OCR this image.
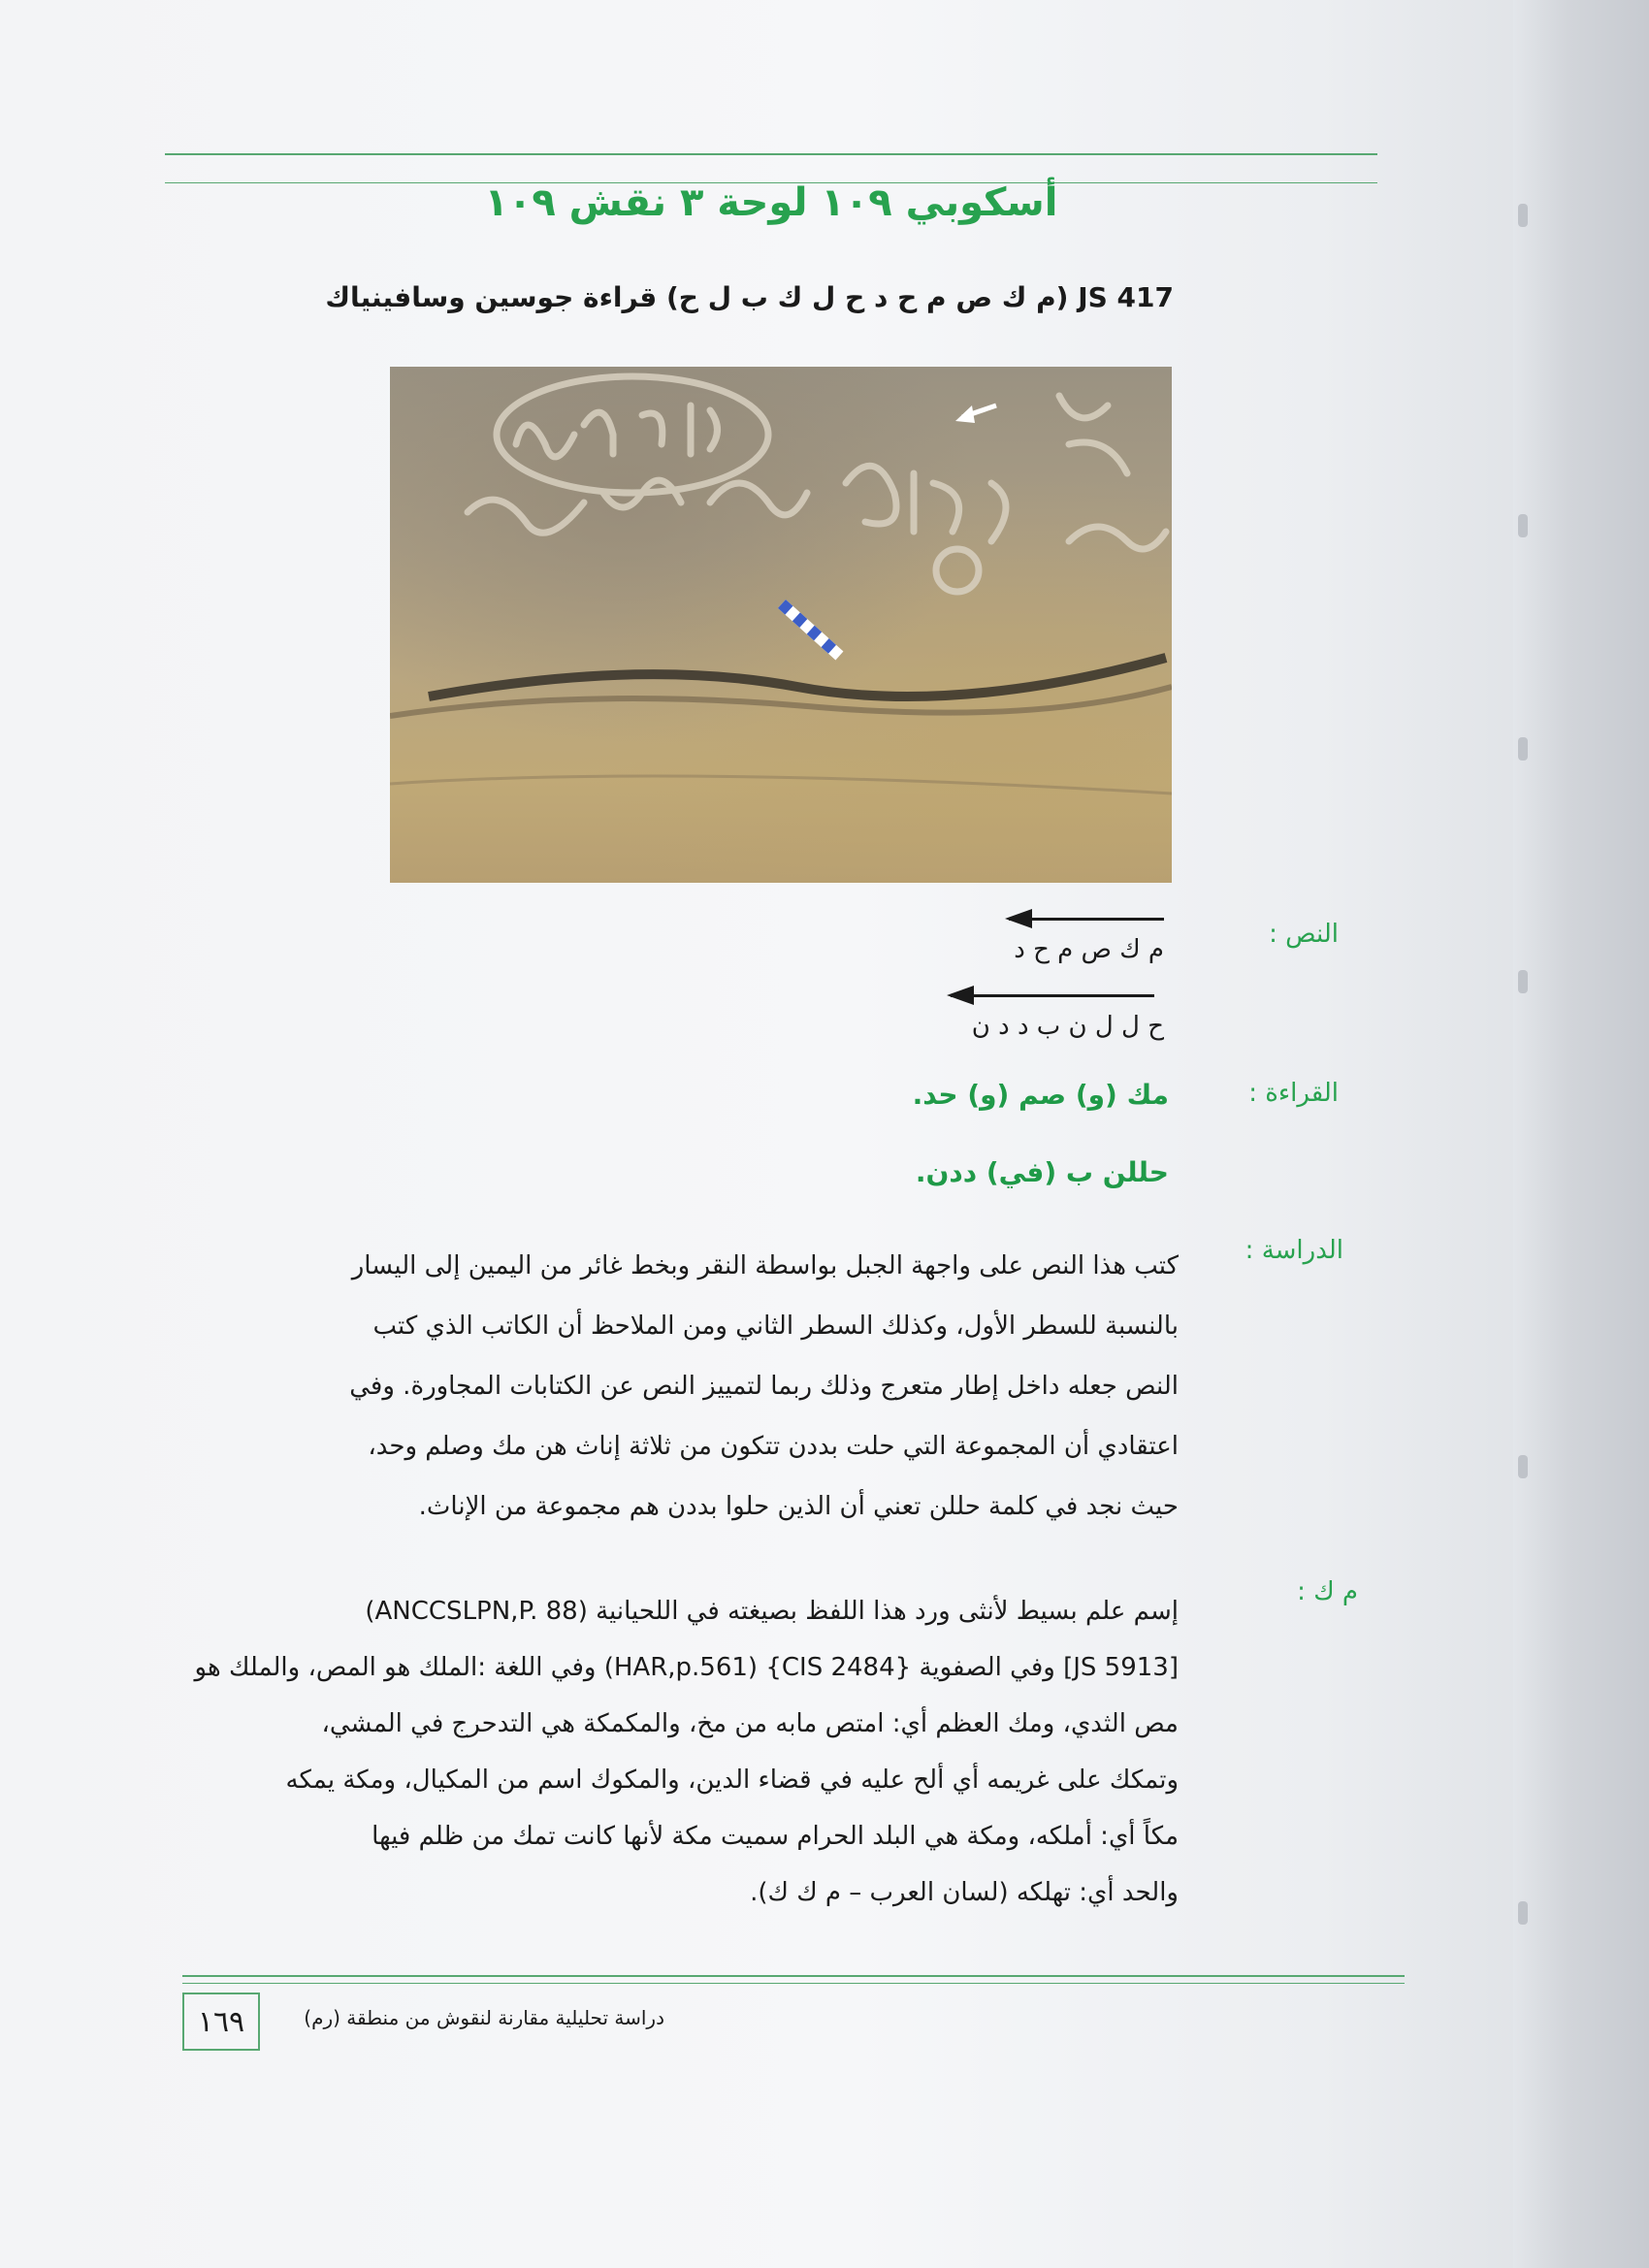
أسكوبي ١٠٩ لوحة ٣ نقش ١٠٩
JS 417 (م ك ص م ح د ح ل ك ب ل ح) قراءة جوسين وسافينياك
النص :
م ك ص م ح د
ح ل ل ن ب د د ن
القراءة :
مك (و) صم (و) حد.
حللن ب (في) ددن.
الدراسة :
كتب هذا النص على واجهة الجبل بواسطة النقر وبخط غائر من اليمين إلى اليسار
بالنسبة للسطر الأول، وكذلك السطر الثاني ومن الملاحظ أن الكاتب الذي كتب
النص جعله داخل إطار متعرج وذلك ربما لتمييز النص عن الكتابات المجاورة. وفي
اعتقادي أن المجموعة التي حلت بددن تتكون من ثلاثة إناث هن مك وصلم وحد،
حيث نجد في كلمة حللن تعني أن الذين حلوا بددن هم مجموعة من الإناث.
م ك :
إسم علم بسيط لأنثى ورد هذا اللفظ بصيغته في اللحيانية (ANCCSLPN,P. 88)
[JS 5913] وفي الصفوية {CIS 2484} (HAR,p.561) وفي اللغة :الملك هو المص، والملك هو
مص الثدي، ومك العظم أي: امتص مابه من مخ، والمكمكة هي التدحرج في المشي،
وتمكك على غريمه أي ألح عليه في قضاء الدين، والمكوك اسم من المكيال، ومكة يمكه
مكاً أي: أملكه، ومكة هي البلد الحرام سميت مكة لأنها كانت تمك من ظلم فيها
والحد أي: تهلكه (لسان العرب – م ك ك).
١٦٩	دراسة تحليلية مقارنة لنقوش من منطقة (رم)
